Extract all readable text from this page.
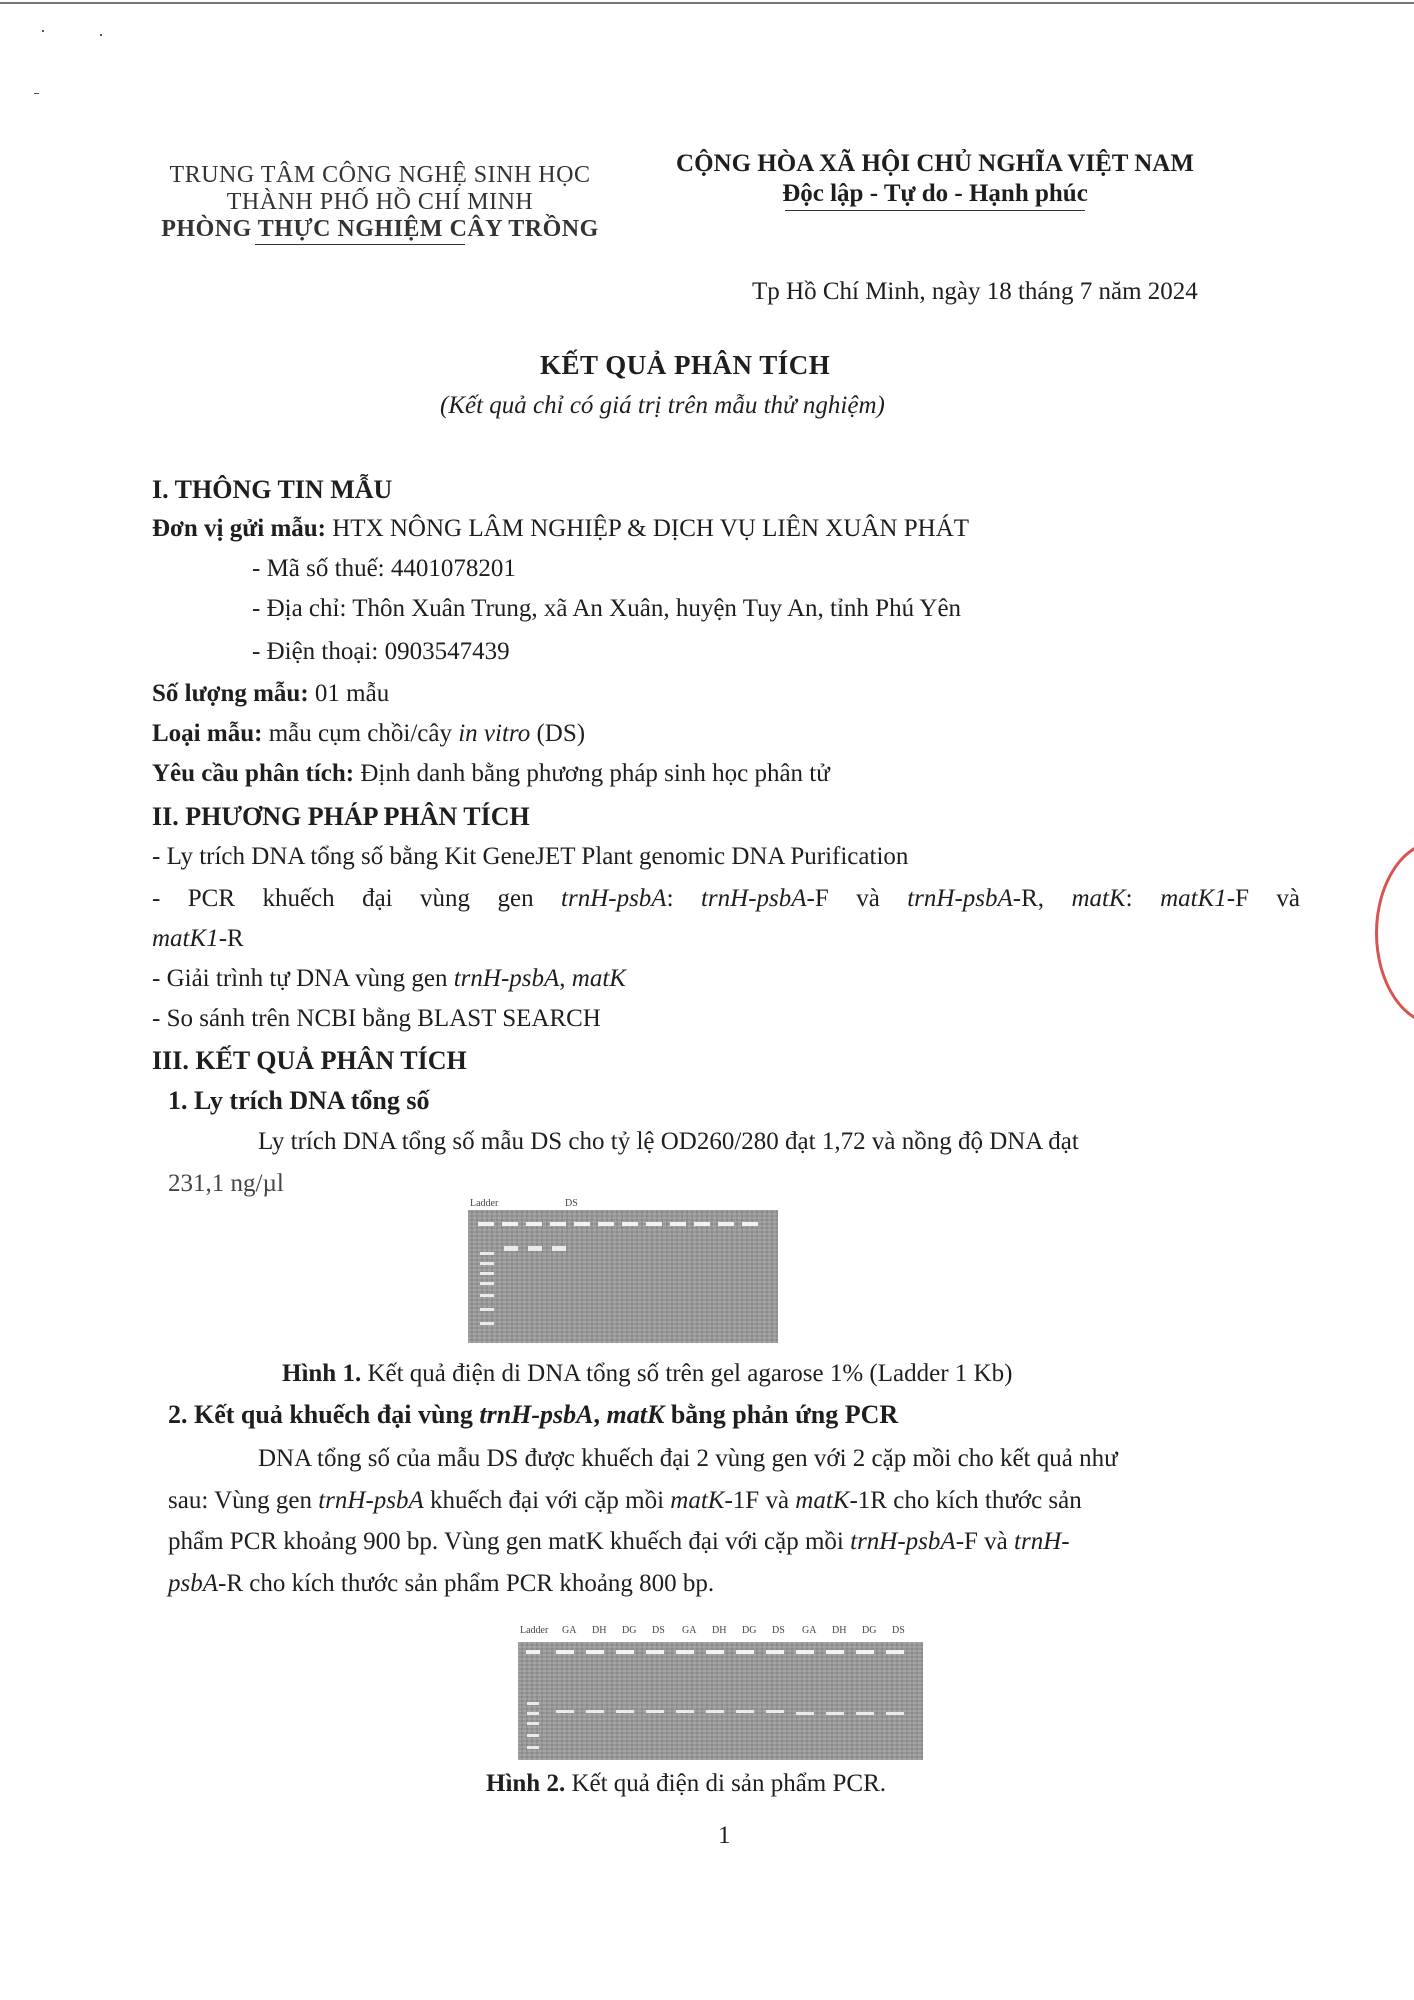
TRUNG TÂM CÔNG NGHỆ SINH HỌC
THÀNH PHỐ HỒ CHÍ MINH
PHÒNG THỰC NGHIỆM CÂY TRỒNG
CỘNG HÒA XÃ HỘI CHỦ NGHĨA VIỆT NAM
Độc lập - Tự do - Hạnh phúc
Tp Hồ Chí Minh, ngày 18 tháng 7 năm 2024
KẾT QUẢ PHÂN TÍCH
(Kết quả chỉ có giá trị trên mẫu thử nghiệm)
I. THÔNG TIN MẪU
Đơn vị gửi mẫu: HTX NÔNG LÂM NGHIỆP & DỊCH VỤ LIÊN XUÂN PHÁT
- Mã số thuế: 4401078201
- Địa chỉ: Thôn Xuân Trung, xã An Xuân, huyện Tuy An, tỉnh Phú Yên
- Điện thoại: 0903547439
Số lượng mẫu: 01 mẫu
Loại mẫu: mẫu cụm chồi/cây in vitro (DS)
Yêu cầu phân tích: Định danh bằng phương pháp sinh học phân tử
II. PHƯƠNG PHÁP PHÂN TÍCH
- Ly trích DNA tổng số bằng Kit GeneJET Plant genomic DNA Purification
- PCR khuếch đại vùng gen trnH-psbA: trnH-psbA-F và trnH-psbA-R, matK: matK1-F và
matK1-R
- Giải trình tự DNA vùng gen trnH-psbA, matK
- So sánh trên NCBI bằng BLAST SEARCH
III. KẾT QUẢ PHÂN TÍCH
1. Ly trích DNA tổng số
Ly trích DNA tổng số mẫu DS cho tỷ lệ OD260/280 đạt 1,72 và nồng độ DNA đạt
231,1 ng/µl
Ladder	DS
Hình 1. Kết quả điện di DNA tổng số trên gel agarose 1% (Ladder 1 Kb)
2. Kết quả khuếch đại vùng trnH-psbA, matK bằng phản ứng PCR
DNA tổng số của mẫu DS được khuếch đại 2 vùng gen với 2 cặp mồi cho kết quả như
sau: Vùng gen trnH-psbA khuếch đại với cặp mồi matK-1F và matK-1R cho kích thước sản
phẩm PCR khoảng 900 bp. Vùng gen matK khuếch đại với cặp mồi trnH-psbA-F và trnH-
psbA-R cho kích thước sản phẩm PCR khoảng 800 bp.
Ladder GA DH DG DS GA DH DG DS GA DH DG DS
Hình 2. Kết quả điện di sản phẩm PCR.
1
